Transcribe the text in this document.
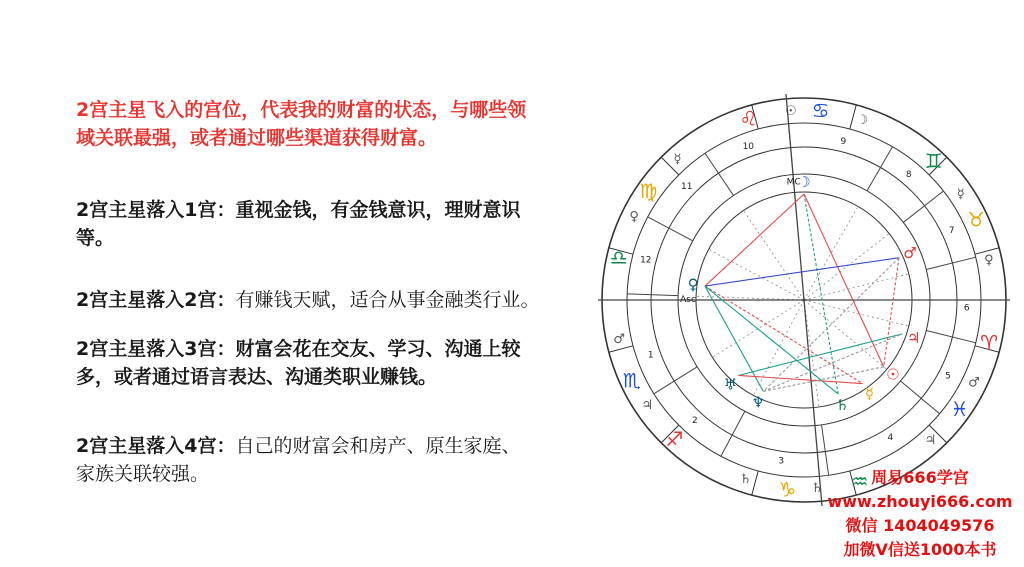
2宫主星飞入的宫位，代表我的财富的状态，与哪些领
域关联最强，或者通过哪些渠道获得财富。
2宫主星落入1宫：重视金钱，有金钱意识，理财意识
等。
2宫主星落入2宫：有赚钱天赋，适合从事金融类行业。
2宫主星落入3宫：财富会花在交友、学习、沟通上较
多，或者通过语言表达、沟通类职业赚钱。
2宫主星落入4宫：自己的财富会和房产、原生家庭、
家族关联较强。
♌ ☉ ♋ ☽
♊
☿
♉
♀
♈
♂
♓
♃
♒
♄
♑
♄
♐
♃
♏
♂
♎
♀
♍
☿
10	9
8
7
6
5
4
3
2
1
12
11	MC
Asc
☽
♂
♀
♃
☉
☿
♆
♅
♄
周易666学宫
www.zhouyi666.com
微信 1404049576
加微V信送1000本书
